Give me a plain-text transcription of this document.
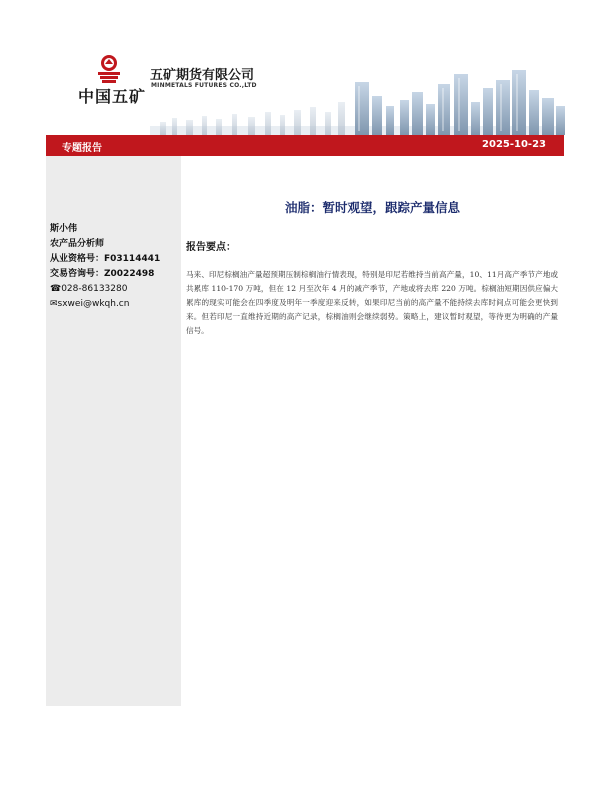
中国五矿
五矿期货有限公司
MINMETALS FUTURES CO.,LTD
专题报告	2025-10-23
斯小伟
农产品分析师
从业资格号：F03114441
交易咨询号：Z0022498
☎028-86133280
✉sxwei@wkqh.cn
油脂：暂时观望，跟踪产量信息
报告要点：

马来、印尼棕榈油产量超预期压制棕榈油行情表现，特别是印尼若维持当前高产量，10、11月高产季节产地或共累库 110-170 万吨，但在 12 月至次年 4 月的减产季节，产地或将去库 220 万吨。棕榈油短期因供应偏大累库的现实可能会在四季度及明年一季度迎来反转，如果印尼当前的高产量不能持续去库时间点可能会更快到来。但若印尼一直维持近期的高产记录，棕榈油则会继续弱势。策略上，建议暂时观望，等待更为明确的产量信号。
